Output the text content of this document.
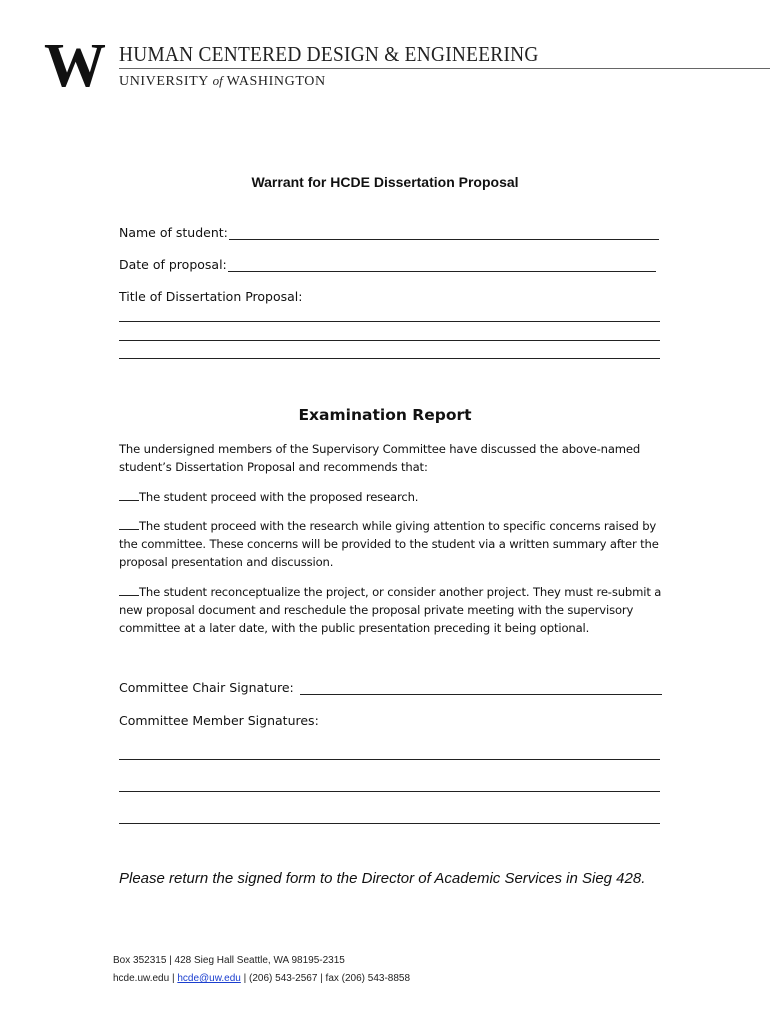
W HUMAN CENTERED DESIGN & ENGINEERING
UNIVERSITY of WASHINGTON
Warrant for HCDE Dissertation Proposal
Name of student:
Date of proposal:
Title of Dissertation Proposal:
Examination Report
The undersigned members of the Supervisory Committee have discussed the above-named student’s Dissertation Proposal and recommends that:
The student proceed with the proposed research.
The student proceed with the research while giving attention to specific concerns raised by the committee. These concerns will be provided to the student via a written summary after the proposal presentation and discussion.
The student reconceptualize the project, or consider another project. They must re-submit a new proposal document and reschedule the proposal private meeting with the supervisory committee at a later date, with the public presentation preceding it being optional.
Committee Chair Signature:
Committee Member Signatures:
Please return the signed form to the Director of Academic Services in Sieg 428.
Box 352315 | 428 Sieg Hall Seattle, WA 98195-2315
hcde.uw.edu | hcde@uw.edu | (206) 543-2567 | fax (206) 543-8858
